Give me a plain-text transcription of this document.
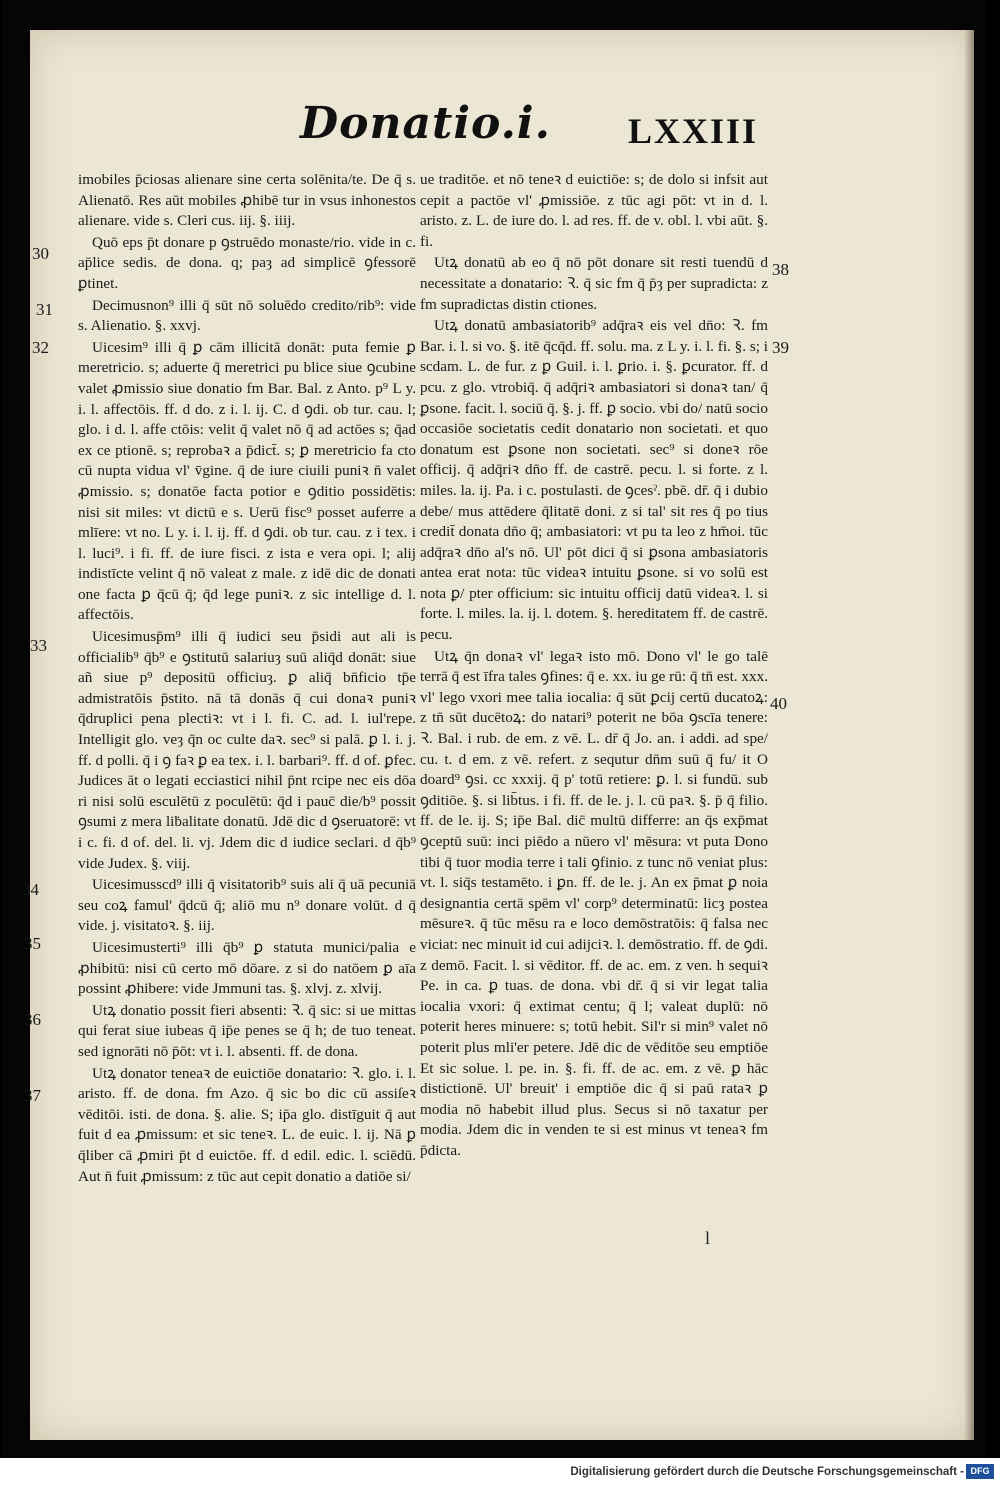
Donatio.i. LXXIII

imobiles p̄ciosas alienare sine certa solēnita/te. De q̄ s. Alienatō. Res aūt mobiles ꝓhibē tur in vsus inhonestos alienare. vide s. Cleri cus. iij. §. iiij.

Quō eps p̄t donare p ꝯstruēdo monaste/rio. vide in c. ap̄lice sedis. de dona. q; paȝ ad simplicē ꝯfessorē ꝑtinet.

Decimusnon⁹ illi q̄ sūt nō soluēdo credito/rib⁹: vide s. Alienatio. §. xxvj.

Uicesim⁹ illi q̄ ꝑ cām illicitā donāt: puta femie ꝑ meretricio. s; aduerte q̄ meretrici pu blice siue ꝯcubine valet ꝓmissio siue donatio fm Bar. Bal. z Anto. p⁹ L y. i. l. affectōis. ff. d do. z i. l. ij. C. d ꝯdi. ob tur. cau. l; glo. i d. l. affe ctōis: velit q̄ valet nō q̄ ad actōes s; q̄ad ex ce ptionē. s; reprobaꝛ a p̄dict̄. s; ꝑ meretricio fa cto cū nupta vidua vl' v̄gine. q̄ de iure ciuili puniꝛ n̄ valet ꝓmissio. s; donatōe facta potior e ꝯditio possidētis: nisi sit miles: vt dictū e s. Uerū fisc⁹ posset auferre a mlīere: vt no. L y. i. l. ij. ff. d ꝯdi. ob tur. cau. z i tex. i l. luci⁹. i fi. ff. de iure fisci. z ista e vera opi. l; alij indistīcte velint q̄ nō valeat z male. z idē dic de donati one facta ꝑ q̄cū q̄; q̄d lege puniꝛ. z sic intellige d. l. affectōis.

Uicesimusp̄m⁹ illi q̄ iudici seu p̄sidi aut ali is officialib⁹ q̄b⁹ e ꝯstitutū salariuȝ suū aliq̄d donāt: siue añ siue p⁹ depositū officiuȝ. ꝑ aliq̄ bn̄ficio tp̄e admistratōis p̄stito. nā tā donās q̄ cui donaꝛ puniꝛ q̄druplici pena plectiꝛ: vt i l. fi. C. ad. l. iul'repe. Intelligit glo. veȝ q̄n oc culte daꝛ. sec⁹ si palā. ꝑ l. i. j. ff. d polli. q̄ i ꝯ faꝛ ꝑ ea tex. i. l. barbari⁹. ff. d of. ꝑfec. Judices āt o legati ecciastici nihil p̄nt rcipe nec eis dōa ri nisi solū esculētū z poculētū: q̄d i pauc̄ die/b⁹ possit ꝯsumi z mera liḃalitate donatū. Jdē dic d ꝯseruatorē: vt i c. fi. d of. del. li. vj. Jdem dic d iudice seclari. d q̄b⁹ vide Judex. §. viij.

Uicesimusscd⁹ illi q̄ visitatorib⁹ suis ali q̄ uā pecuniā seu coꝝ famul' q̄dcū q̄; aliō mu n⁹ donare volūt. d q̄ vide. j. visitatoꝛ. §. iij.

Uicesimusterti⁹ illi q̄b⁹ ꝑ statuta munici/palia e ꝓhibitū: nisi cū certo mō dōare. z si do natōem ꝑ aīa possint ꝓhibere: vide Jmmuni tas. §. xlvj. z. xlvij.

Utꝝ donatio possit fieri absenti: Ꝛ. q̄ sic: si ue mittas qui ferat siue iubeas q̄ ip̄e penes se q̄ h; de tuo teneat. sed ignorāti nō p̄ōt: vt i. l. absenti. ff. de dona.

Utꝝ donator teneaꝛ de euictiōe donatario: Ꝛ. glo. i. l. aristo. ff. de dona. fm Azo. q̄ sic bo dic cū assiſeꝛ vēditōi. isti. de dona. §. alie. S; ip̄a glo. distīguit q̄ aut fuit d ea ꝓmissum: et sic teneꝛ. L. de euic. l. ij. Nā ꝑ q̄liber cā ꝓmiri p̄t d euictōe. ff. d edil. edic. l. sciēdū. Aut n̄ fuit ꝓmissum: z tūc aut cepit donatio a datiōe si/

ue traditōe. et nō teneꝛ d euictiōe: s; de dolo si infsit aut cepit a pactōe vl' ꝓmissiōe. z tūc agi pōt: vt in d. l. aristo. z. L. de iure do. l. ad res. ff. de v. obl. l. vbi aūt. §. fi.

Utꝝ donatū ab eo q̄ nō pōt donare sit resti tuendū d necessitate a donatario: Ꝛ. q̄ sic fm q̄ p̄ȝ per supradicta: z fm supradictas distin ctiones.

Utꝝ donatū ambasiatorib⁹ adq̄raꝛ eis vel dn̄o: Ꝛ. fm Bar. i. l. si vo. §. itē q̄cq̄d. ff. solu. ma. z L y. i. l. fi. §. s; i scdam. L. de fur. z ꝑ Guil. i. l. ꝑrio. i. §. ꝑcurator. ff. d pcu. z glo. vtrobiq̄. q̄ adq̄riꝛ ambasiatori si donaꝛ tan/ q̄ ꝑsone. facit. l. sociū q̄. §. j. ff. ꝑ socio. vbi do/ natū socio occasiōe societatis cedit donatario non societati. et quo donatum est ꝑsone non societati. sec⁹ si doneꝛ rōe officij. q̄ adq̄riꝛ dn̄o ff. de castrē. pecu. l. si forte. z l. miles. la. ij. Pa. i c. postulasti. de ꝯcesˀ. pbē. dr̄. q̄ i dubio debe/ mus attēdere q̄litatē doni. z si tal' sit res q̄ po tius credit̄ donata dn̄o q̄; ambasiatori: vt pu ta leo z hm̄oi. tūc adq̄raꝛ dn̄o al's nō. Ul' pōt dici q̄ si ꝑsona ambasiatoris antea erat nota: tūc videaꝛ intuitu ꝑsone. si vo solū est nota ꝑ/ pter officium: sic intuitu officij datū videaꝛ. l. si forte. l. miles. la. ij. l. dotem. §. hereditatem ff. de castrē. pecu.

Utꝝ q̄n donaꝛ vl' legaꝛ isto mō. Dono vl' le go talē terrā q̄ est īfra tales ꝯfines: q̄ e. xx. iu ge rū: q̄ tn̄ est. xxx. vl' lego vxori mee talia iocalia: q̄ sūt ꝑcij certū ducatoꝝ: z tn̄ sūt ducētoꝝ: do natari⁹ poterit ne bōa ꝯscīa tenere: Ꝛ. Bal. i rub. de em. z vē. L. dr̄ q̄ Jo. an. i addi. ad spe/ cu. t. d em. z vē. refert. z sequtur dn̄m suū q̄ fu/ it O doard⁹ ꝯsi. cc xxxij. q̄ p' totū retiere: ꝑ. l. si fundū. sub ꝯditiōe. §. si lib̄tus. i fi. ff. de le. j. l. cū paꝛ. §. p̄ q̄ filio. ff. de le. ij. S; ip̄e Bal. dic̄ multū differre: an q̄s exp̄mat ꝯceptū suū: inci piēdo a nūero vl' mēsura: vt puta Dono tibi q̄ tuor modia terre i tali ꝯfinio. z tunc nō veniat plus: vt. l. siq̄s testamēto. i ꝑn. ff. de le. j. An ex p̄mat ꝑ noia designantia certā spēm vl' corp⁹ determinatū: licȝ postea mēsureꝛ. q̄ tūc mēsu ra e loco demōstratōis: q̄ falsa nec viciat: nec minuit id cui adijciꝛ. l. demōstratio. ff. de ꝯdi. z demō. Facit. l. si vēditor. ff. de ac. em. z ven. h sequiꝛ Pe. in ca. ꝑ tuas. de dona. vbi dr̄. q̄ si vir legat talia iocalia vxori: q̄ extimat centu; q̄ l; valeat duplū: nō poterit heres minuere: s; totū hebit. Sil'r si min⁹ valet nō poterit plus mli'er petere. Jdē dic de vēditōe seu emptiōe Et sic solue. l. pe. in. §. fi. ff. de ac. em. z vē. ꝑ hāc distictionē. Ul' breuit' i emptiōe dic q̄ si paū rataꝛ ꝑ modia nō habebit illud plus. Secus si nō taxatur per modia. Jdem dic in venden te si est minus vt teneaꝛ fm p̄dicta.

l
30
31
32
33
34
35
36
37
38
39
40
Digitalisierung gefördert durch die Deutsche Forschungsgemeinschaft - DFG
